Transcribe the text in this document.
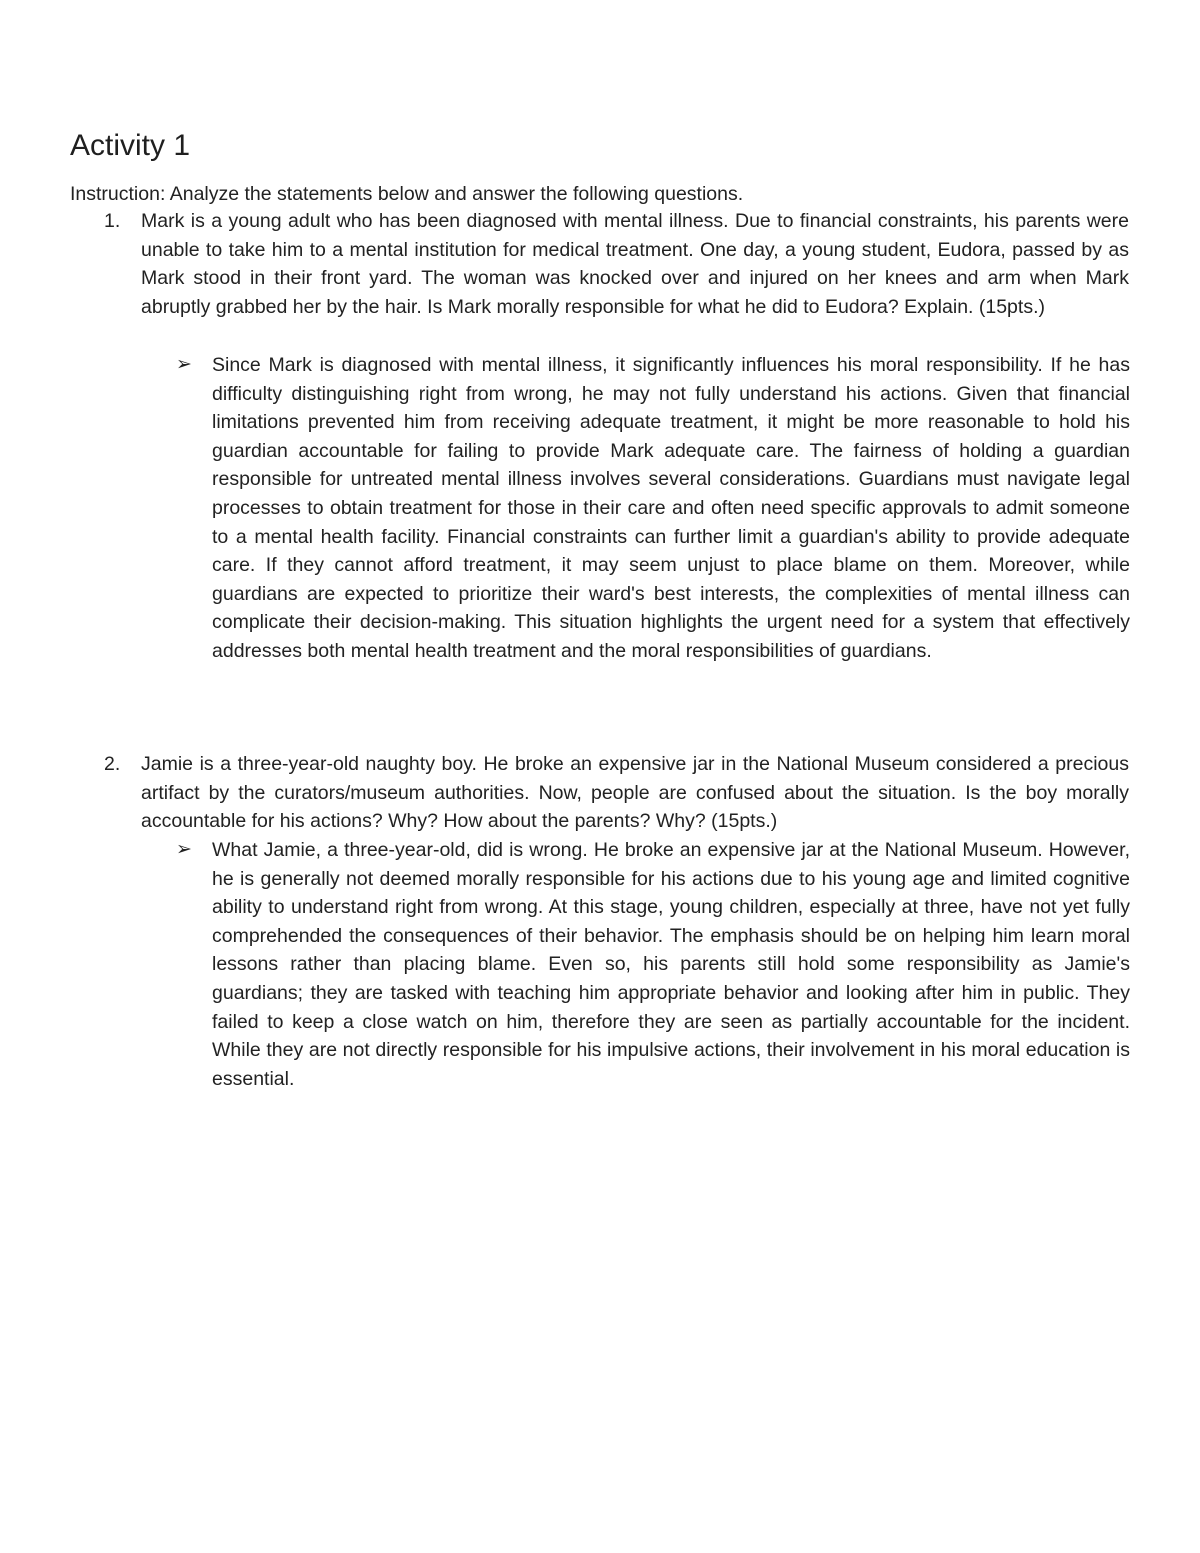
Activity 1

Instruction: Analyze the statements below and answer the following questions.

1. Mark is a young adult who has been diagnosed with mental illness. Due to financial constraints, his parents were unable to take him to a mental institution for medical treatment. One day, a young student, Eudora, passed by as Mark stood in their front yard. The woman was knocked over and injured on her knees and arm when Mark abruptly grabbed her by the hair. Is Mark morally responsible for what he did to Eudora? Explain. (15pts.)

➢ Since Mark is diagnosed with mental illness, it significantly influences his moral responsibility. If he has difficulty distinguishing right from wrong, he may not fully understand his actions. Given that financial limitations prevented him from receiving adequate treatment, it might be more reasonable to hold his guardian accountable for failing to provide Mark adequate care. The fairness of holding a guardian responsible for untreated mental illness involves several considerations. Guardians must navigate legal processes to obtain treatment for those in their care and often need specific approvals to admit someone to a mental health facility. Financial constraints can further limit a guardian's ability to provide adequate care. If they cannot afford treatment, it may seem unjust to place blame on them. Moreover, while guardians are expected to prioritize their ward's best interests, the complexities of mental illness can complicate their decision-making. This situation highlights the urgent need for a system that effectively addresses both mental health treatment and the moral responsibilities of guardians.

2. Jamie is a three-year-old naughty boy. He broke an expensive jar in the National Museum considered a precious artifact by the curators/museum authorities. Now, people are confused about the situation. Is the boy morally accountable for his actions? Why? How about the parents? Why? (15pts.)

➢ What Jamie, a three-year-old, did is wrong. He broke an expensive jar at the National Museum. However, he is generally not deemed morally responsible for his actions due to his young age and limited cognitive ability to understand right from wrong. At this stage, young children, especially at three, have not yet fully comprehended the consequences of their behavior. The emphasis should be on helping him learn moral lessons rather than placing blame. Even so, his parents still hold some responsibility as Jamie's guardians; they are tasked with teaching him appropriate behavior and looking after him in public. They failed to keep a close watch on him, therefore they are seen as partially accountable for the incident. While they are not directly responsible for his impulsive actions, their involvement in his moral education is essential.
